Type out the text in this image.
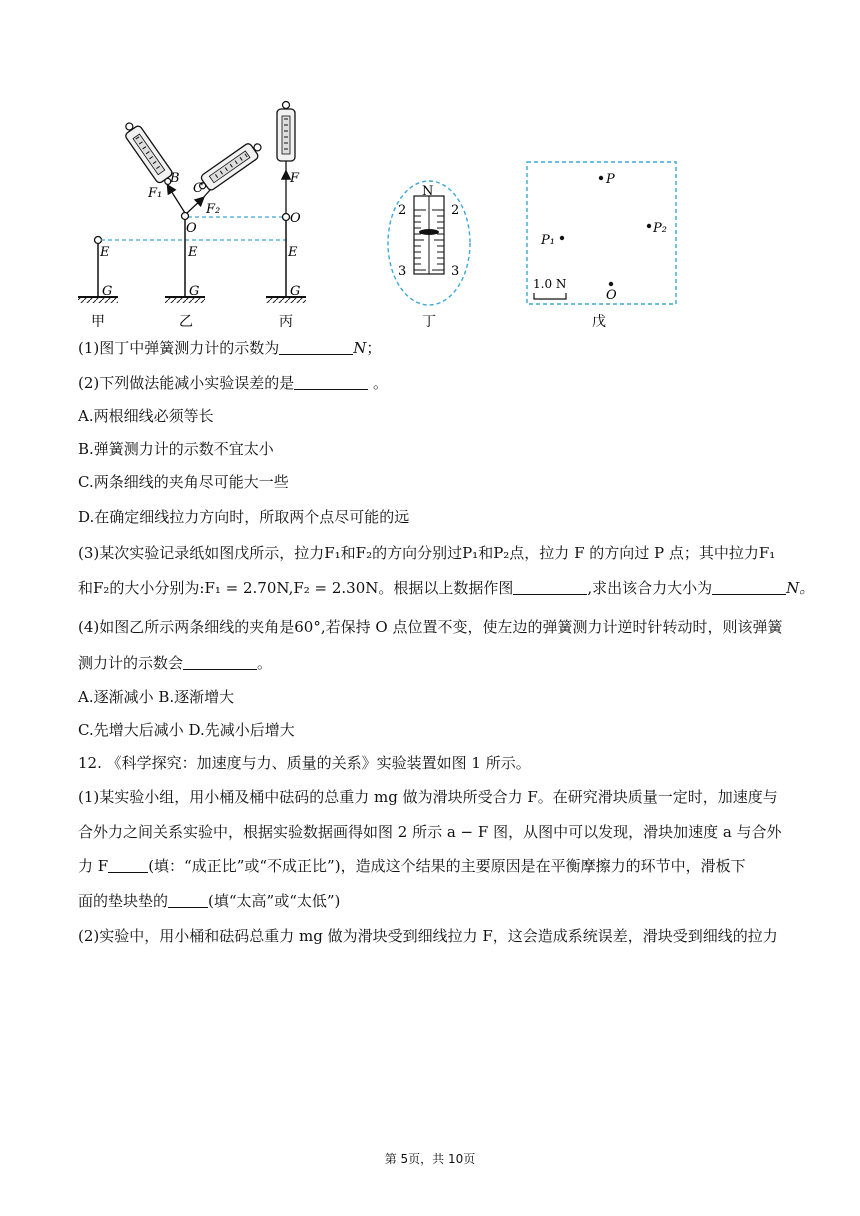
E
G
B
C
F₁
F₂
O
E
G
F
O
E
G
N
2	2
3	3
P
P₁
P₂
O
1.0 N
甲	乙	丙	丁	戊
(1)图丁中弹簧测力计的示数为	N；
(2)下列做法能减小实验误差的是	。
A.两根细线必须等长
B.弹簧测力计的示数不宜太小
C.两条细线的夹角尽可能大一些
D.在确定细线拉力方向时，所取两个点尽可能的远
(3)某次实验记录纸如图戊所示，拉力F₁和F₂的方向分别过P₁和P₂点，拉力 F 的方向过 P 点；其中拉力F₁
和F₂的大小分别为:F₁ = 2.70N,F₂ = 2.30N。根据以上数据作图	,求出该合力大小为	N。
(4)如图乙所示两条细线的夹角是60°,若保持 O 点位置不变，使左边的弹簧测力计逆时针转动时，则该弹簧
测力计的示数会	。
A.逐渐减小 B.逐渐增大
C.先增大后减小 D.先减小后增大
12. 《科学探究：加速度与力、质量的关系》实验装置如图 1 所示。
(1)某实验小组，用小桶及桶中砝码的总重力 mg 做为滑块所受合力 F。在研究滑块质量一定时，加速度与
合外力之间关系实验中，根据实验数据画得如图 2 所示 a − F 图，从图中可以发现，滑块加速度 a 与合外
力 F	(填：“成正比”或“不成正比”)，造成这个结果的主要原因是在平衡摩擦力的环节中，滑板下
面的垫块垫的	(填“太高”或“太低”)
(2)实验中，用小桶和砝码总重力 mg 做为滑块受到细线拉力 F，这会造成系统误差，滑块受到细线的拉力
第 5页，共 10页
